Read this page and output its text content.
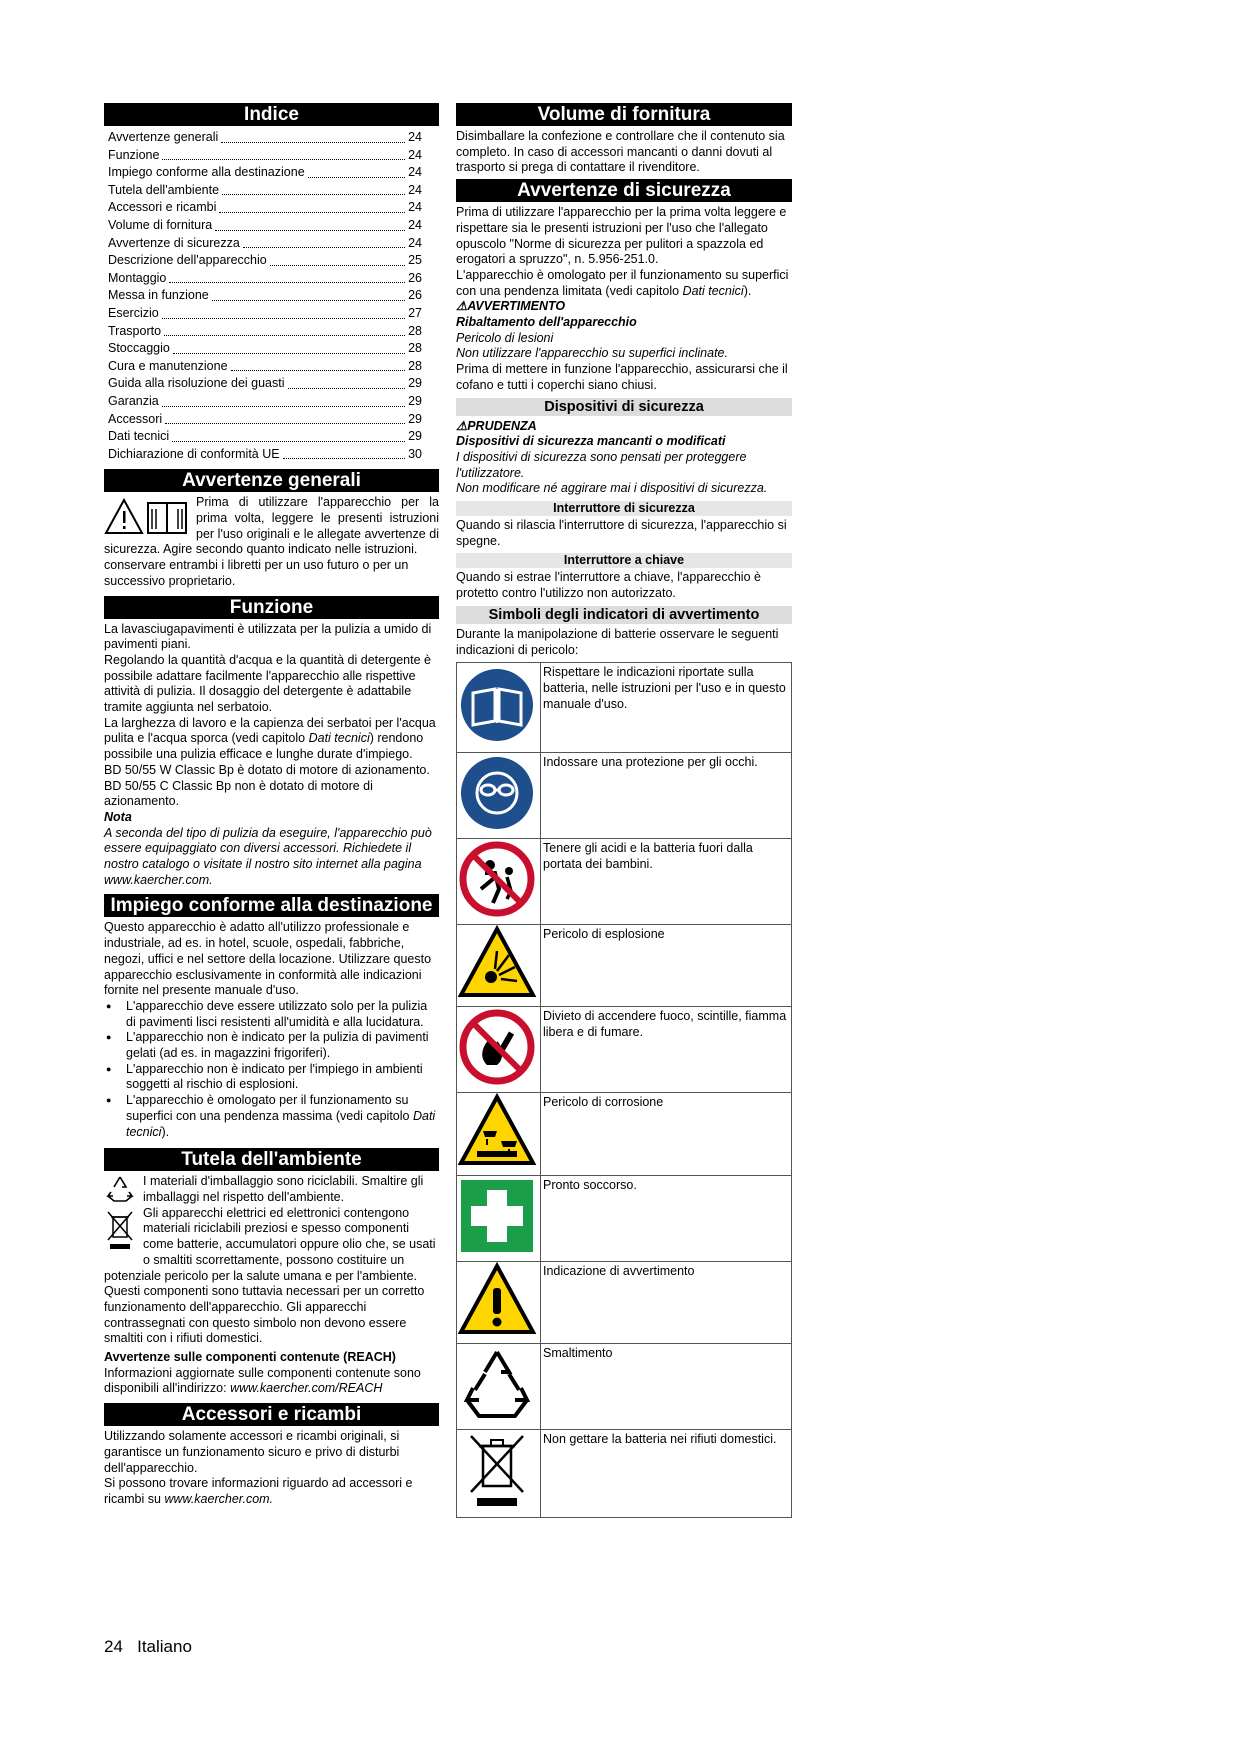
Indice
Avvertenze generali	24
Funzione	24
Impiego conforme alla destinazione	24
Tutela dell'ambiente	24
Accessori e ricambi	24
Volume di fornitura	24
Avvertenze di sicurezza	24
Descrizione dell'apparecchio	25
Montaggio	26
Messa in funzione	26
Esercizio	27
Trasporto	28
Stoccaggio	28
Cura e manutenzione	28
Guida alla risoluzione dei guasti	29
Garanzia	29
Accessori	29
Dati tecnici	29
Dichiarazione di conformità UE	30
Avvertenze generali

Prima di utilizzare l'apparecchio per la prima volta, leggere le presenti istruzioni per l'uso originali e le allegate avvertenze di sicurezza. Agire secondo quanto indicato nelle istruzioni.

conservare entrambi i libretti per un uso futuro o per un successivo proprietario.

Funzione

La lavasciugapavimenti è utilizzata per la pulizia a umido di pavimenti piani.

Regolando la quantità d'acqua e la quantità di detergente è possibile adattare facilmente l'apparecchio alle rispettive attività di pulizia. Il dosaggio del detergente è adattabile tramite aggiunta nel serbatoio.

La larghezza di lavoro e la capienza dei serbatoi per l'acqua pulita e l'acqua sporca (vedi capitolo Dati tecnici) rendono possibile una pulizia efficace e lunghe durate d'impiego.

BD 50/55 W Classic Bp è dotato di motore di azionamento.

BD 50/55 C Classic Bp non è dotato di motore di azionamento.

Nota

A seconda del tipo di pulizia da eseguire, l'apparecchio può essere equipaggiato con diversi accessori. Richiedete il nostro catalogo o visitate il nostro sito internet alla pagina www.kaercher.com.

Impiego conforme alla destinazione

Questo apparecchio è adatto all'utilizzo professionale e industriale, ad es. in hotel, scuole, ospedali, fabbriche, negozi, uffici e nel settore della locazione. Utilizzare questo apparecchio esclusivamente in conformità alle indicazioni fornite nel presente manuale d'uso.

● L'apparecchio deve essere utilizzato solo per la pulizia di pavimenti lisci resistenti all'umidità e alla lucidatura.
● L'apparecchio non è indicato per la pulizia di pavimenti gelati (ad es. in magazzini frigoriferi).
● L'apparecchio non è indicato per l'impiego in ambienti soggetti al rischio di esplosioni.
● L'apparecchio è omologato per il funzionamento su superfici con una pendenza massima (vedi capitolo Dati tecnici).
Tutela dell'ambiente

I materiali d'imballaggio sono riciclabili. Smaltire gli imballaggi nel rispetto dell'ambiente.

Gli apparecchi elettrici ed elettronici contengono materiali riciclabili preziosi e spesso componenti come batterie, accumulatori oppure olio che, se usati o smaltiti scorrettamente, possono costituire un potenziale pericolo per la salute umana e per l'ambiente. Questi componenti sono tuttavia necessari per un corretto funzionamento dell'apparecchio. Gli apparecchi contrassegnati con questo simbolo non devono essere smaltiti con i rifiuti domestici.

Avvertenze sulle componenti contenute (REACH)

Informazioni aggiornate sulle componenti contenute sono disponibili all'indirizzo: www.kaercher.com/REACH

Accessori e ricambi

Utilizzando solamente accessori e ricambi originali, si garantisce un funzionamento sicuro e privo di disturbi dell'apparecchio.

Si possono trovare informazioni riguardo ad accessori e ricambi su www.kaercher.com.

Volume di fornitura

Disimballare la confezione e controllare che il contenuto sia completo. In caso di accessori mancanti o danni dovuti al trasporto si prega di contattare il rivenditore.

Avvertenze di sicurezza

Prima di utilizzare l'apparecchio per la prima volta leggere e rispettare sia le presenti istruzioni per l'uso che l'allegato opuscolo "Norme di sicurezza per pulitori a spazzola ed erogatori a spruzzo", n. 5.956-251.0.

L'apparecchio è omologato per il funzionamento su superfici con una pendenza limitata (vedi capitolo Dati tecnici).

⚠AVVERTIMENTO

Ribaltamento dell'apparecchio

Pericolo di lesioni

Non utilizzare l'apparecchio su superfici inclinate.

Prima di mettere in funzione l'apparecchio, assicurarsi che il cofano e tutti i coperchi siano chiusi.

Dispositivi di sicurezza

⚠PRUDENZA

Dispositivi di sicurezza mancanti o modificati

I dispositivi di sicurezza sono pensati per proteggere l'utilizzatore.

Non modificare né aggirare mai i dispositivi di sicurezza.

Interruttore di sicurezza

Quando si rilascia l'interruttore di sicurezza, l'apparecchio si spegne.

Interruttore a chiave

Quando si estrae l'interruttore a chiave, l'apparecchio è protetto contro l'utilizzo non autorizzato.

Simboli degli indicatori di avvertimento

Durante la manipolazione di batterie osservare le seguenti indicazioni di pericolo:

	Rispettare le indicazioni riportate sulla batteria, nelle istruzioni per l'uso e in questo manuale d'uso.
	Indossare una protezione per gli occhi.
	Tenere gli acidi e la batteria fuori dalla portata dei bambini.
	Pericolo di esplosione
	Divieto di accendere fuoco, scintille, fiamma libera e di fumare.
	Pericolo di corrosione
	Pronto soccorso.
	Indicazione di avvertimento
	Smaltimento
	Non gettare la batteria nei rifiuti domestici.
24 Italiano
